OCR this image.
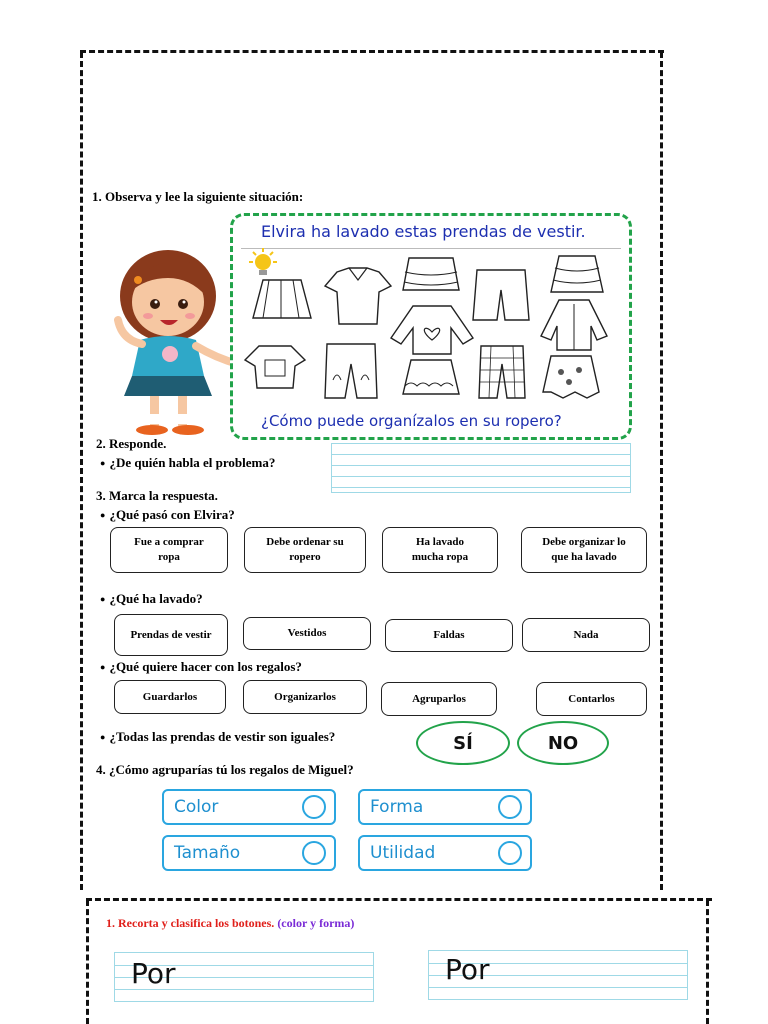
1. Observa y lee la siguiente situación:
Elvira ha lavado estas prendas de vestir.
¿Cómo puede organízalos en su ropero?
2. Responde.
● ¿De quién habla el problema?
3. Marca la respuesta.
● ¿Qué pasó con Elvira?
Fue a comprar
ropa
Debe ordenar su
ropero
Ha lavado
mucha ropa
Debe organizar lo
que ha lavado
● ¿Qué ha lavado?
Prendas de vestir	Vestidos	Faldas	Nada
● ¿Qué quiere hacer con los regalos?
Guardarlos	Organizarlos	Agruparlos	Contarlos
● ¿Todas las prendas de vestir son iguales?	SÍ	NO
4. ¿Cómo agruparías tú los regalos de Miguel?
Color	Forma
Tamaño	Utilidad
1. Recorta y clasifica los botones. (color y forma)
Por	Por
